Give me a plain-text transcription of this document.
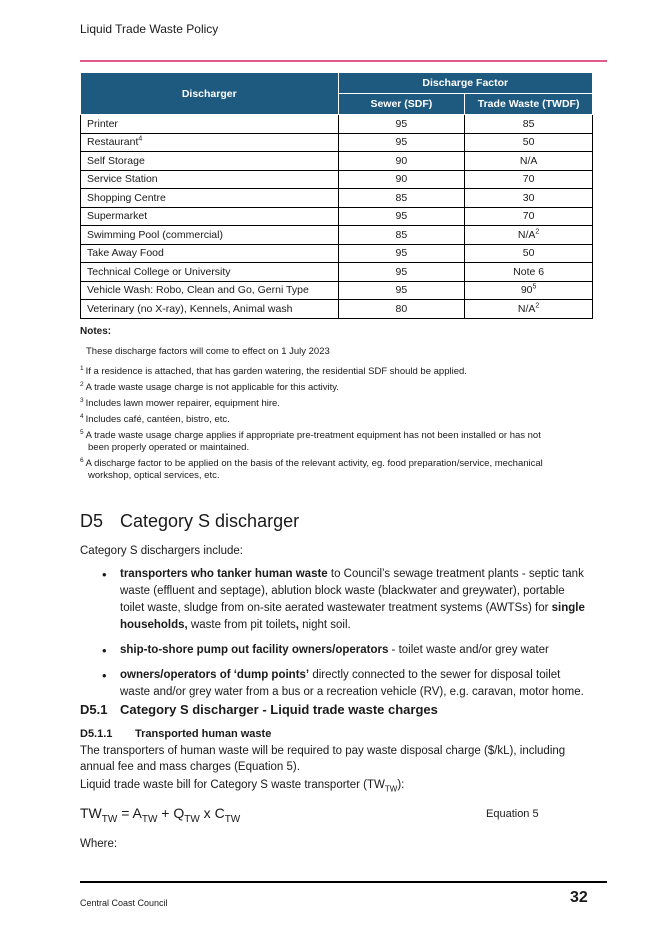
Liquid Trade Waste Policy
Discharger	Discharge Factor	
	Sewer (SDF)	Trade Waste (TWDF)
Printer	95	85
Restaurant$^4$	95	50
Self Storage	90	N/A
Service Station	90	70
Shopping Centre	85	30
Supermarket	95	70
Swimming Pool (commercial)	85	$N/A^2$
Take Away Food	95	50
Technical College or University	95	Note 6
Vehicle Wash: Robo, Clean and Go, Gerni Type	95	$90^5$
Veterinary (no X-ray), Kennels, Animal wash	80	$N/A^2$
Notes:
These discharge factors will come to effect on 1 July 2023
$^1$ If a residence is attached, that has garden watering, the residential SDF should be applied.
$^2$ A trade waste usage charge is not applicable for this activity.
$^3$ Includes lawn mower repairer, equipment hire.
$^4$ Includes café, cantéen, bistro, etc.
$^5$ A trade waste usage charge applies if appropriate pre-treatment equipment has not been installed or has not
been properly operated or maintained.
$^6$ A discharge factor to be applied on the basis of the relevant activity, eg. food preparation/service, mechanical
workshop, optical services, etc.
D5 Category S discharger
Category S dischargers include:
• transporters who tanker human waste to Council’s sewage treatment plants - septic tank waste (effluent and septage), ablution block waste (blackwater and greywater), portable toilet waste, sludge from on-site aerated wastewater treatment systems (AWTSs) for single households, waste from pit toilets, night soil.
• ship-to-shore pump out facility owners/operators - toilet waste and/or grey water
• owners/operators of ‘dump points’ directly connected to the sewer for disposal toilet waste and/or grey water from a bus or a recreation vehicle (RV), e.g. caravan, motor home.
D5.1 Category S discharger - Liquid trade waste charges
D5.1.1 Transported human waste
The transporters of human waste will be required to pay waste disposal charge ($/kL), including annual fee and mass charges (Equation 5).
Liquid trade waste bill for Category S waste transporter $(TW_{TW})$:
$TW_{TW} = A_{TW} + Q_{TW}$ x $C_{TW}$	Equation 5
Where:
Central Coast Council	32
